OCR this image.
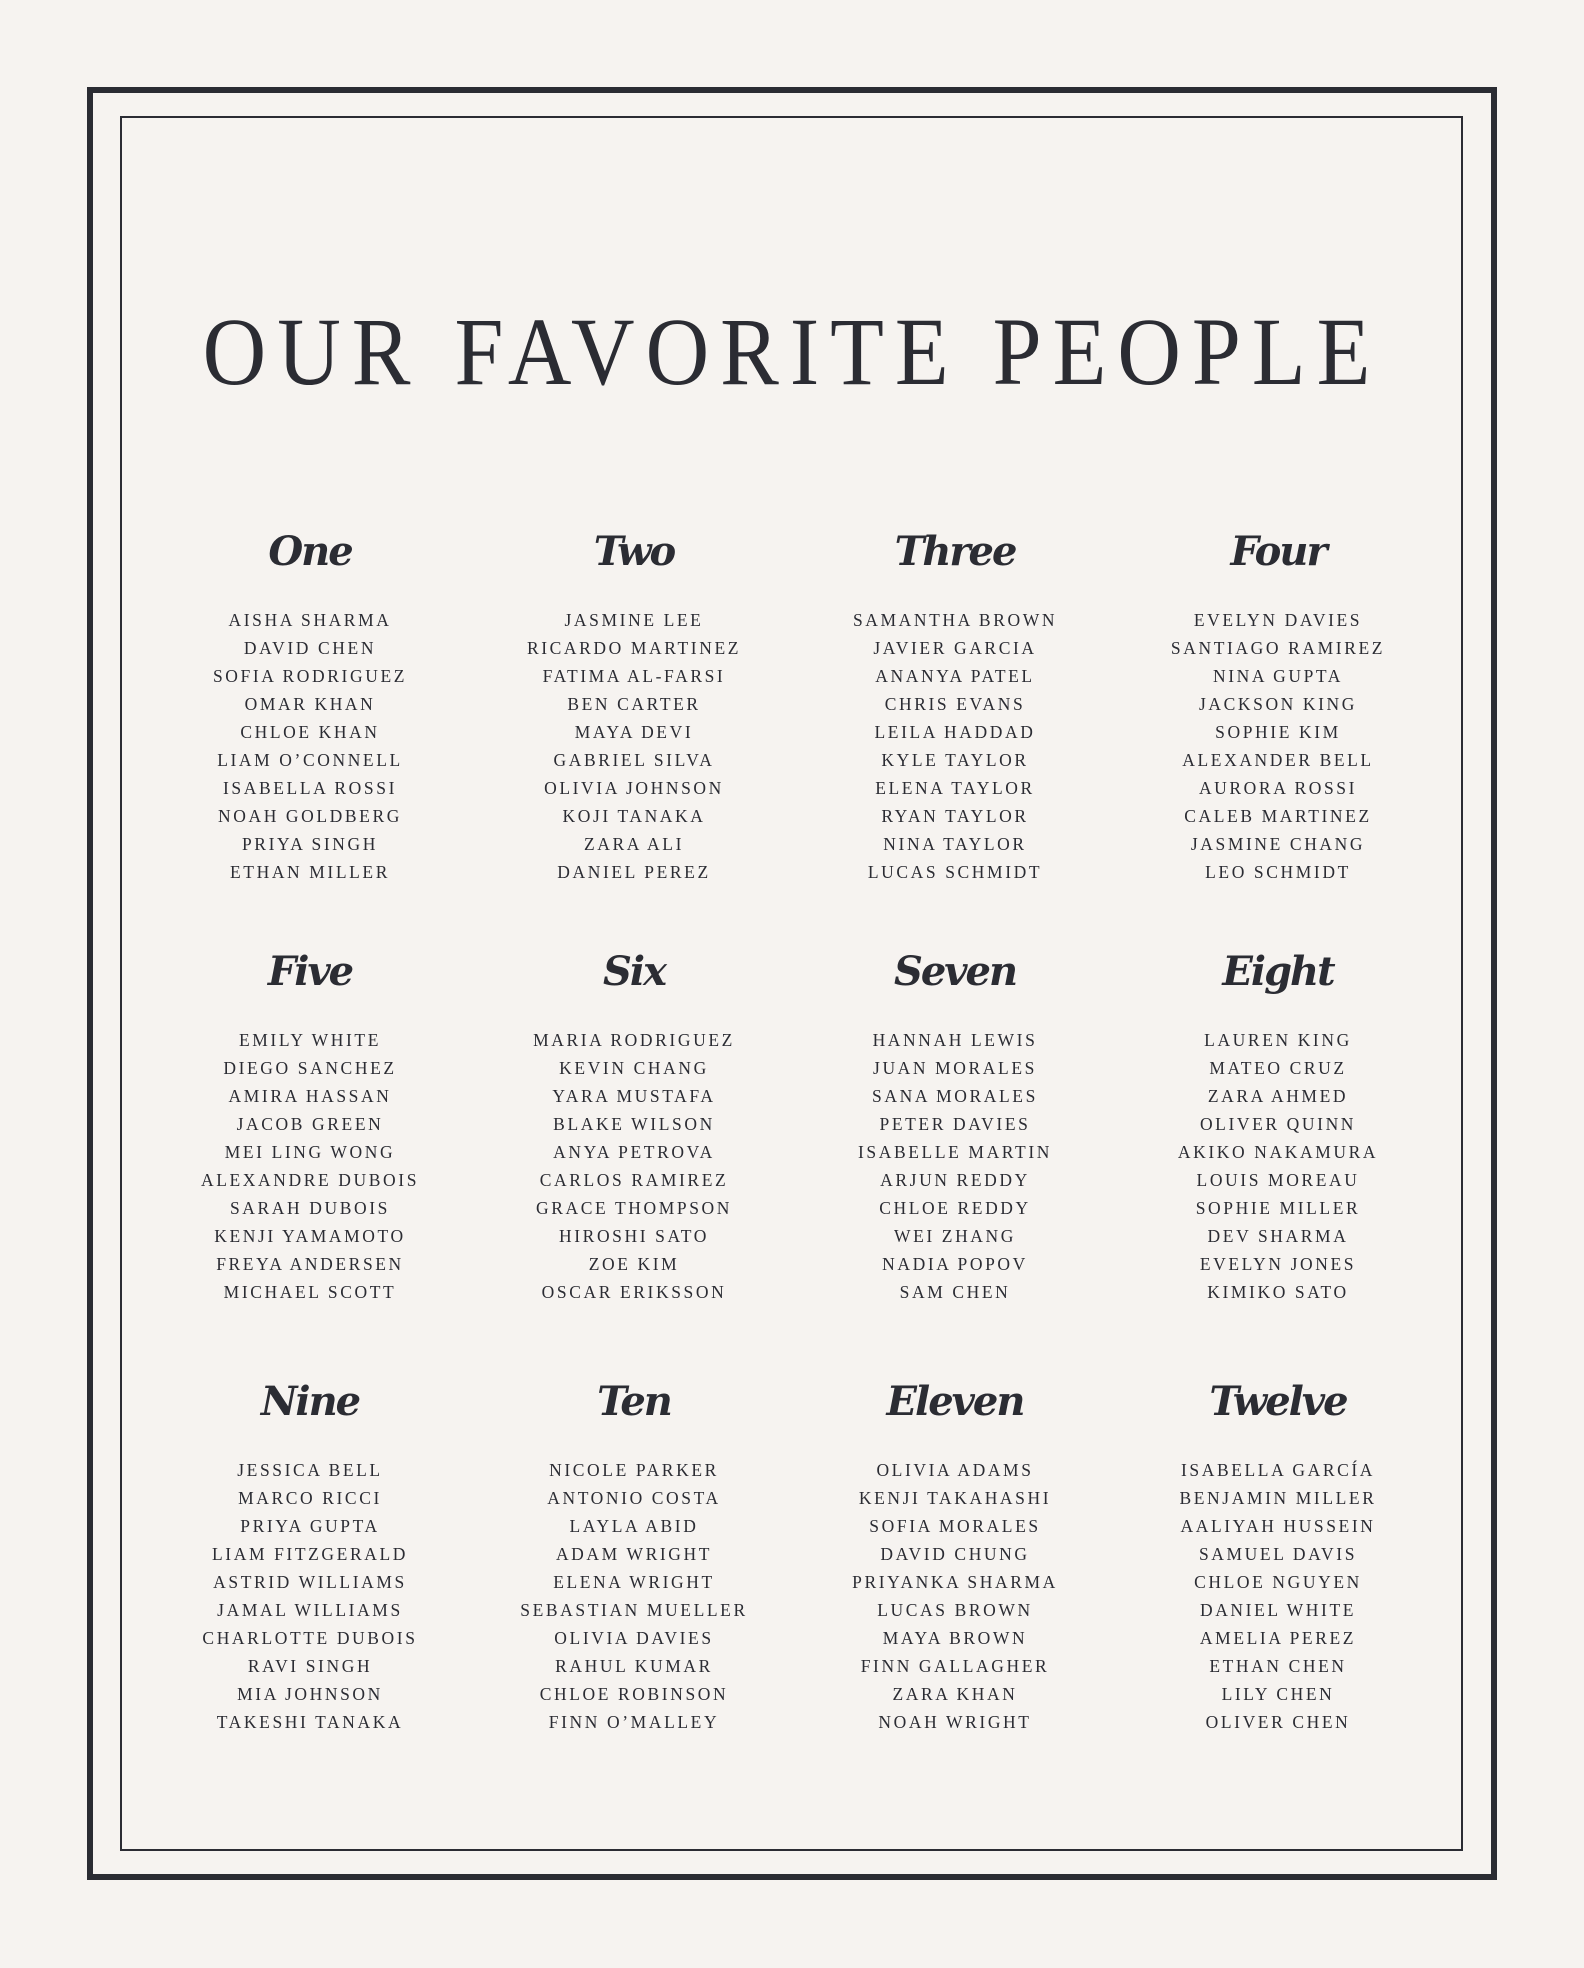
OUR FAVORITE PEOPLE
One
AISHA SHARMA
DAVID CHEN
SOFIA RODRIGUEZ
OMAR KHAN
CHLOE KHAN
LIAM O’CONNELL
ISABELLA ROSSI
NOAH GOLDBERG
PRIYA SINGH
ETHAN MILLER
Two
JASMINE LEE
RICARDO MARTINEZ
FATIMA AL-FARSI
BEN CARTER
MAYA DEVI
GABRIEL SILVA
OLIVIA JOHNSON
KOJI TANAKA
ZARA ALI
DANIEL PEREZ
Three
SAMANTHA BROWN
JAVIER GARCIA
ANANYA PATEL
CHRIS EVANS
LEILA HADDAD
KYLE TAYLOR
ELENA TAYLOR
RYAN TAYLOR
NINA TAYLOR
LUCAS SCHMIDT
Four
EVELYN DAVIES
SANTIAGO RAMIREZ
NINA GUPTA
JACKSON KING
SOPHIE KIM
ALEXANDER BELL
AURORA ROSSI
CALEB MARTINEZ
JASMINE CHANG
LEO SCHMIDT
Five
EMILY WHITE
DIEGO SANCHEZ
AMIRA HASSAN
JACOB GREEN
MEI LING WONG
ALEXANDRE DUBOIS
SARAH DUBOIS
KENJI YAMAMOTO
FREYA ANDERSEN
MICHAEL SCOTT
Six
MARIA RODRIGUEZ
KEVIN CHANG
YARA MUSTAFA
BLAKE WILSON
ANYA PETROVA
CARLOS RAMIREZ
GRACE THOMPSON
HIROSHI SATO
ZOE KIM
OSCAR ERIKSSON
Seven
HANNAH LEWIS
JUAN MORALES
SANA MORALES
PETER DAVIES
ISABELLE MARTIN
ARJUN REDDY
CHLOE REDDY
WEI ZHANG
NADIA POPOV
SAM CHEN
Eight
LAUREN KING
MATEO CRUZ
ZARA AHMED
OLIVER QUINN
AKIKO NAKAMURA
LOUIS MOREAU
SOPHIE MILLER
DEV SHARMA
EVELYN JONES
KIMIKO SATO
Nine
JESSICA BELL
MARCO RICCI
PRIYA GUPTA
LIAM FITZGERALD
ASTRID WILLIAMS
JAMAL WILLIAMS
CHARLOTTE DUBOIS
RAVI SINGH
MIA JOHNSON
TAKESHI TANAKA
Ten
NICOLE PARKER
ANTONIO COSTA
LAYLA ABID
ADAM WRIGHT
ELENA WRIGHT
SEBASTIAN MUELLER
OLIVIA DAVIES
RAHUL KUMAR
CHLOE ROBINSON
FINN O’MALLEY
Eleven
OLIVIA ADAMS
KENJI TAKAHASHI
SOFIA MORALES
DAVID CHUNG
PRIYANKA SHARMA
LUCAS BROWN
MAYA BROWN
FINN GALLAGHER
ZARA KHAN
NOAH WRIGHT
Twelve
ISABELLA GARCÍA
BENJAMIN MILLER
AALIYAH HUSSEIN
SAMUEL DAVIS
CHLOE NGUYEN
DANIEL WHITE
AMELIA PEREZ
ETHAN CHEN
LILY CHEN
OLIVER CHEN
